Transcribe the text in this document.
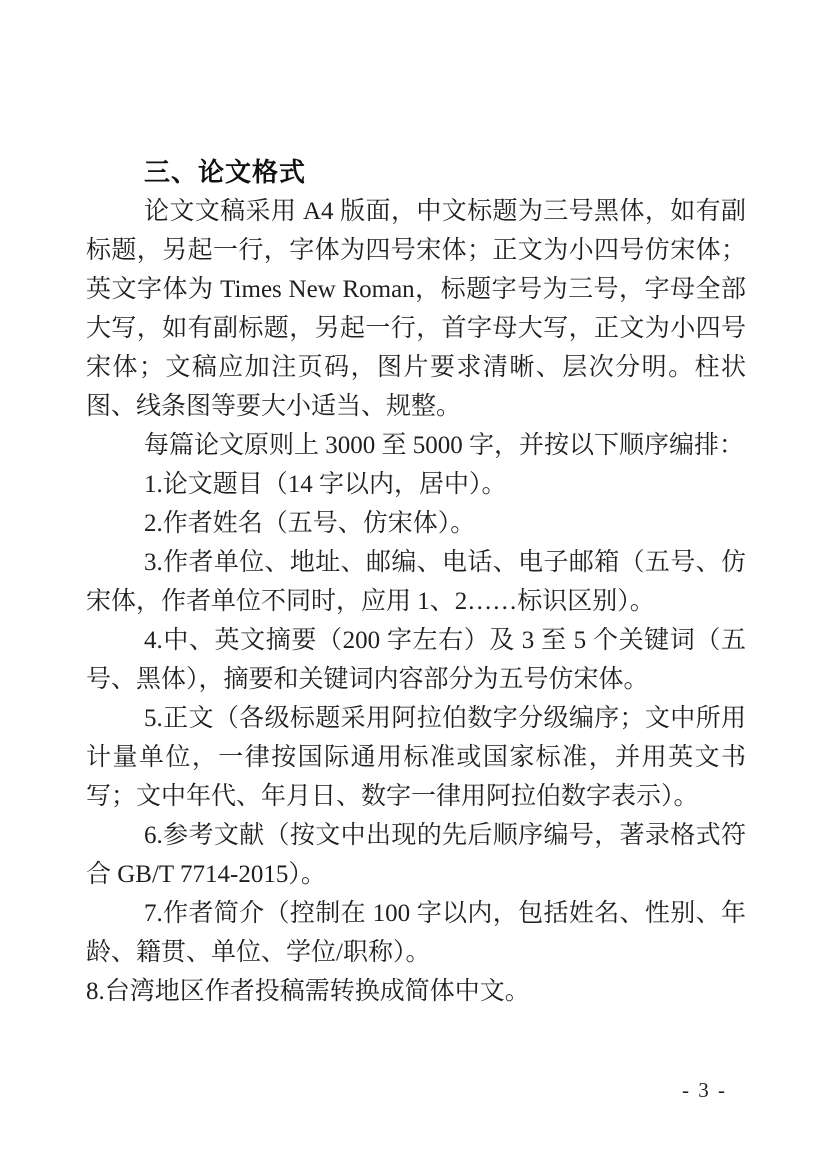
三、论文格式

论文文稿采用 A4 版面，中文标题为三号黑体，如有副标题，另起一行，字体为四号宋体；正文为小四号仿宋体；英文字体为 Times New Roman，标题字号为三号，字母全部大写，如有副标题，另起一行，首字母大写，正文为小四号宋体；文稿应加注页码，图片要求清晰、层次分明。柱状图、线条图等要大小适当、规整。

每篇论文原则上 3000 至 5000 字，并按以下顺序编排：

1.论文题目（14 字以内，居中）。

2.作者姓名（五号、仿宋体）。

3.作者单位、地址、邮编、电话、电子邮箱（五号、仿宋体，作者单位不同时，应用 1、2……标识区别）。

4.中、英文摘要（200 字左右）及 3 至 5 个关键词（五号、黑体），摘要和关键词内容部分为五号仿宋体。

5.正文（各级标题采用阿拉伯数字分级编序；文中所用计量单位，一律按国际通用标准或国家标准，并用英文书写；文中年代、年月日、数字一律用阿拉伯数字表示）。

6.参考文献（按文中出现的先后顺序编号，著录格式符合 GB/T 7714-2015）。

7.作者简介（控制在 100 字以内，包括姓名、性别、年龄、籍贯、单位、学位/职称）。

8.台湾地区作者投稿需转换成简体中文。

- 3 -
